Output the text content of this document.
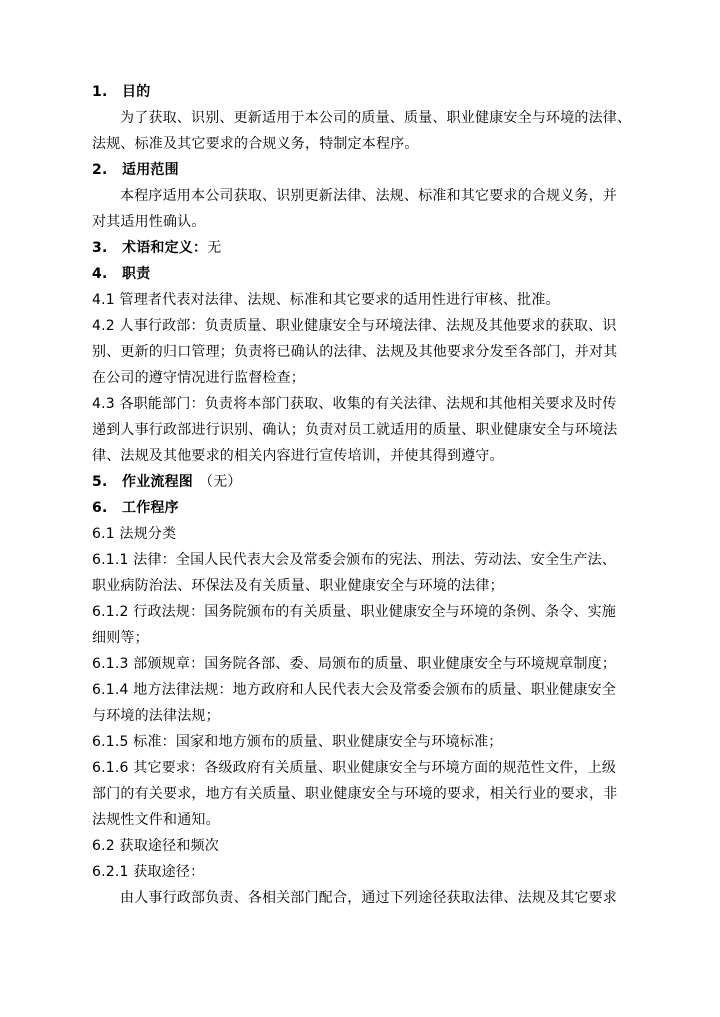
1. 目的
为了获取、识别、更新适用于本公司的质量、质量、职业健康安全与环境的法律、
法规、标准及其它要求的合规义务，特制定本程序。
2. 适用范围
本程序适用本公司获取、识别更新法律、法规、标准和其它要求的合规义务，并
对其适用性确认。
3. 术语和定义：无
4. 职责
4.1 管理者代表对法律、法规、标准和其它要求的适用性进行审核、批准。
4.2 人事行政部：负责质量、职业健康安全与环境法律、法规及其他要求的获取、识
别、更新的归口管理；负责将已确认的法律、法规及其他要求分发至各部门，并对其
在公司的遵守情况进行监督检查；
4.3 各职能部门：负责将本部门获取、收集的有关法律、法规和其他相关要求及时传
递到人事行政部进行识别、确认；负责对员工就适用的质量、职业健康安全与环境法
律、法规及其他要求的相关内容进行宣传培训，并使其得到遵守。
5. 作业流程图 （无）
6. 工作程序
6.1 法规分类
6.1.1 法律：全国人民代表大会及常委会颁布的宪法、刑法、劳动法、安全生产法、
职业病防治法、环保法及有关质量、职业健康安全与环境的法律；
6.1.2 行政法规：国务院颁布的有关质量、职业健康安全与环境的条例、条令、实施
细则等；
6.1.3 部颁规章：国务院各部、委、局颁布的质量、职业健康安全与环境规章制度；
6.1.4 地方法律法规：地方政府和人民代表大会及常委会颁布的质量、职业健康安全
与环境的法律法规；
6.1.5 标准：国家和地方颁布的质量、职业健康安全与环境标准；
6.1.6 其它要求：各级政府有关质量、职业健康安全与环境方面的规范性文件，上级
部门的有关要求，地方有关质量、职业健康安全与环境的要求，相关行业的要求，非
法规性文件和通知。
6.2 获取途径和频次
6.2.1 获取途径：
由人事行政部负责、各相关部门配合，通过下列途径获取法律、法规及其它要求
